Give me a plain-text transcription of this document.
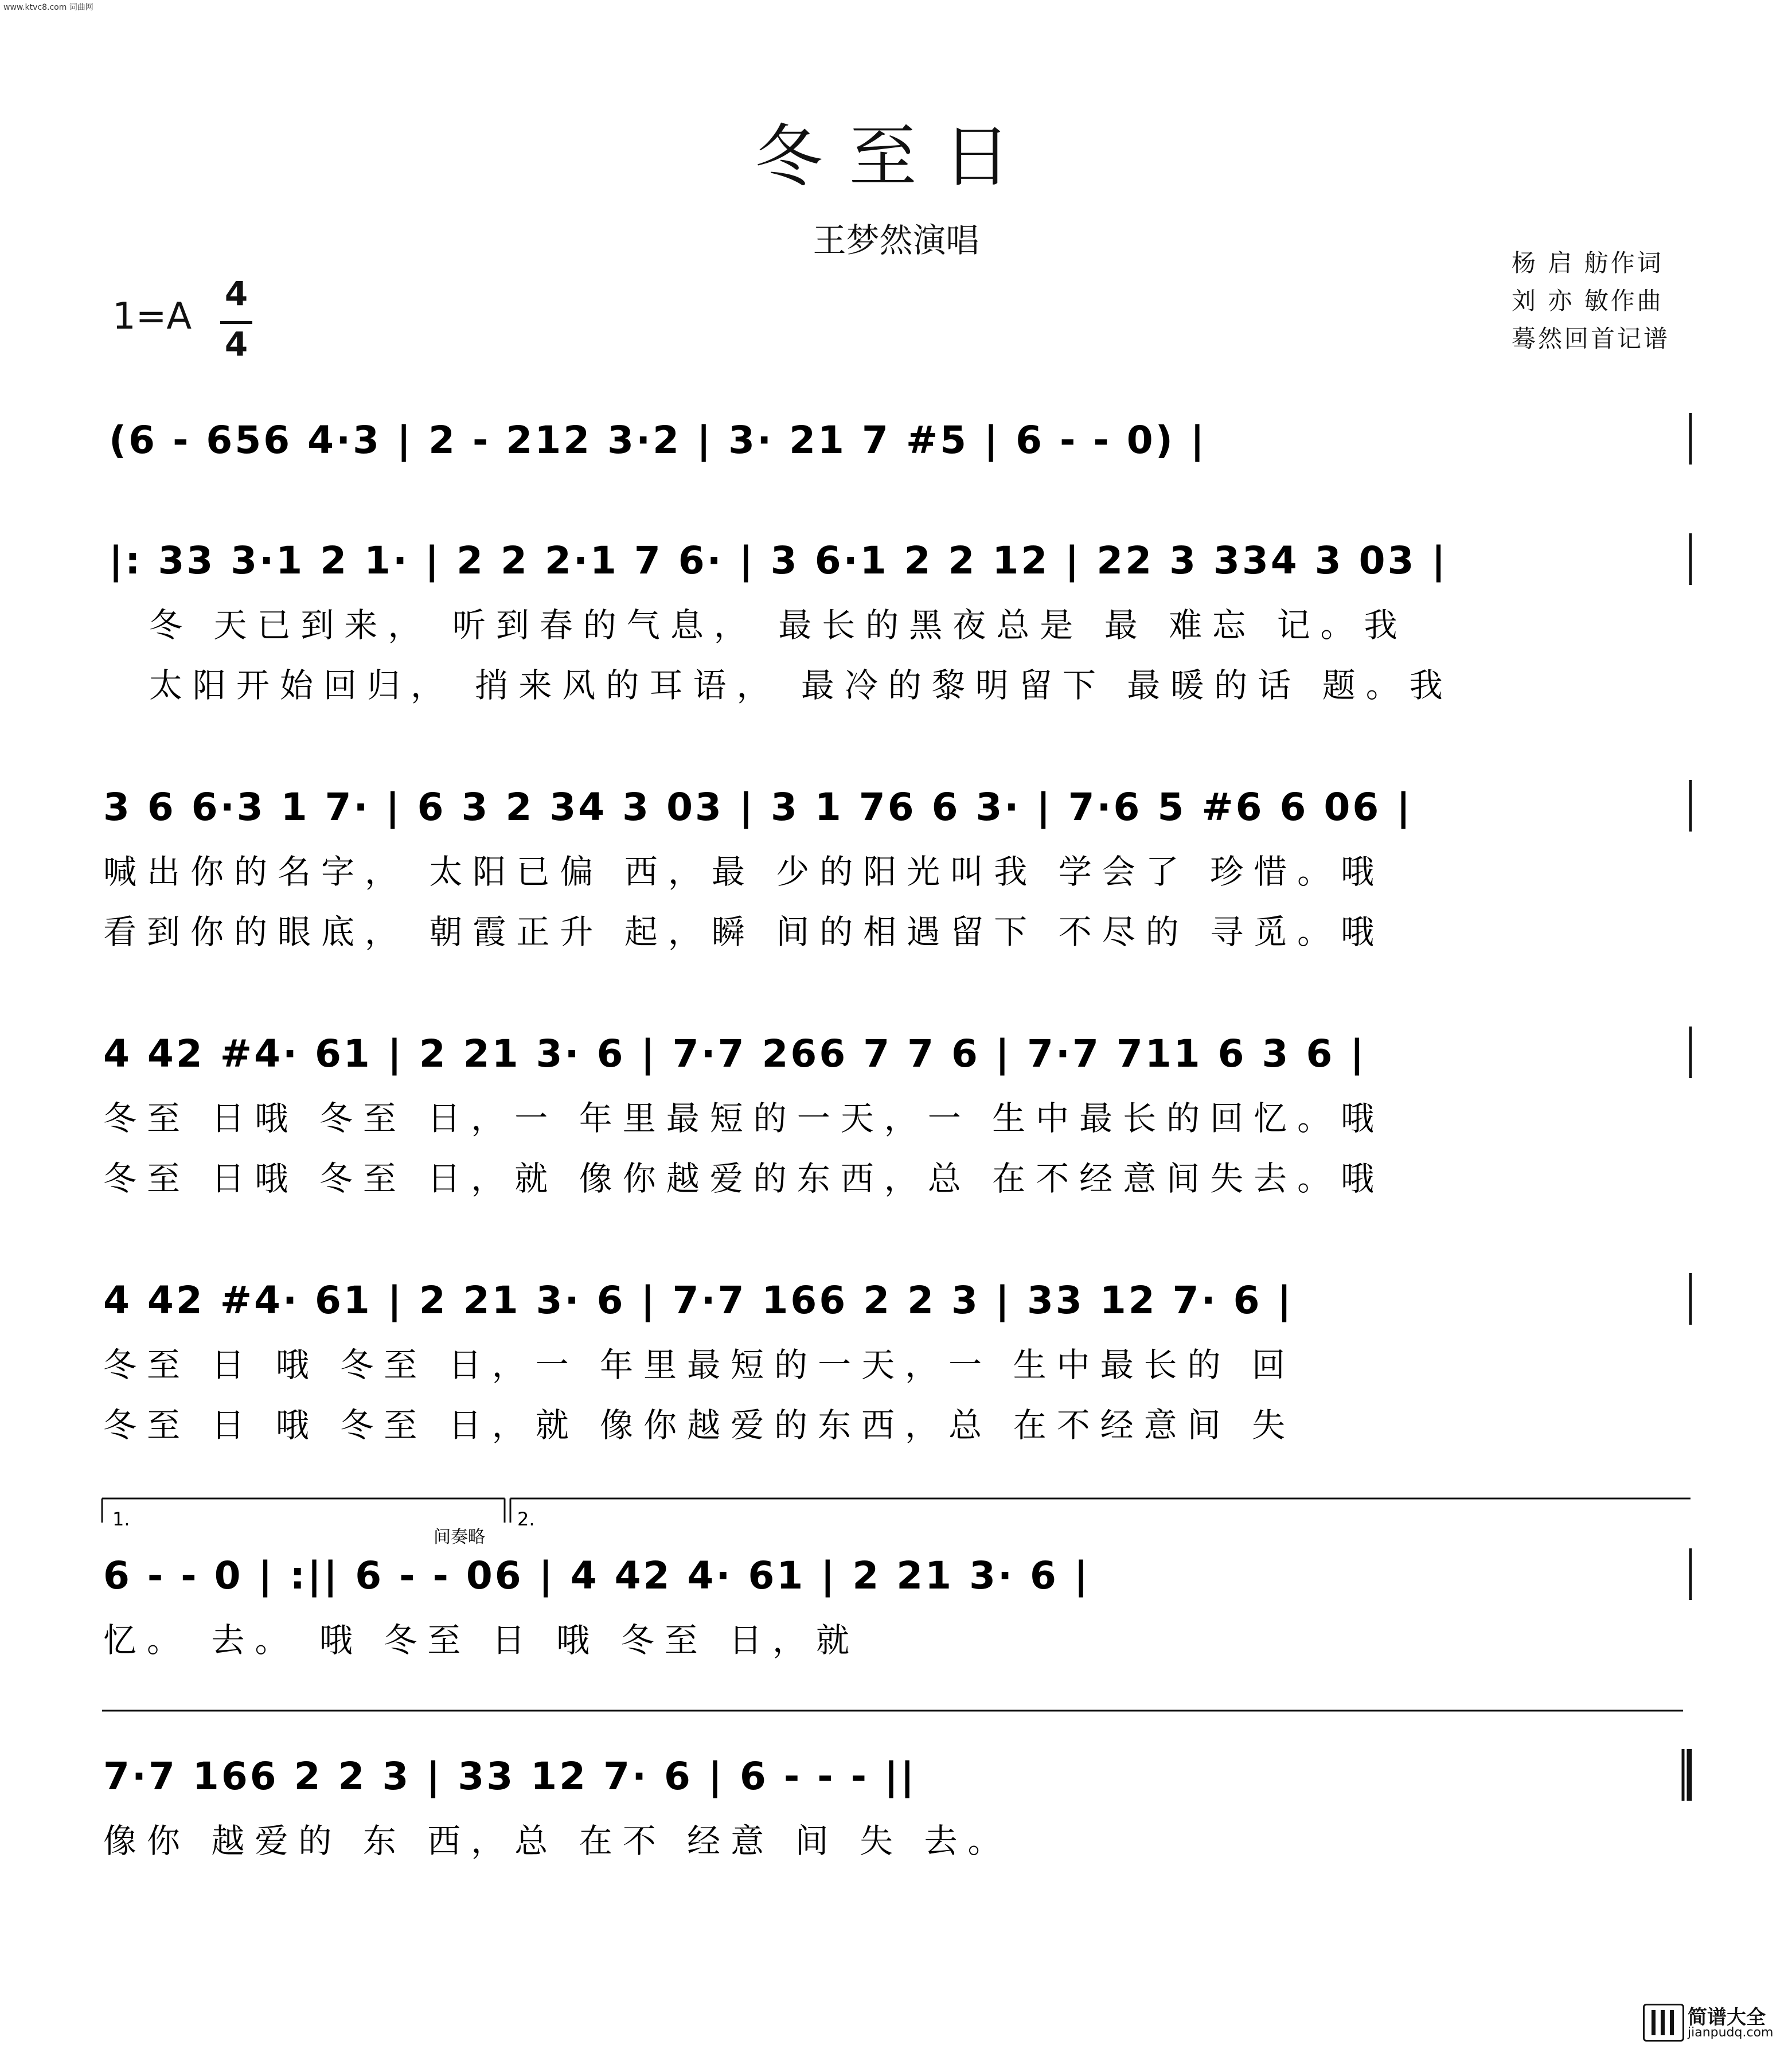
www.ktvc8.com 词曲网
冬至日
王梦然演唱
杨 启 舫作词
刘 亦 敏作曲
蓦然回首记谱
1=A
4
4
(6 - 656 4·3 | 2 - 212 3·2 | 3· 21 7 #5 | 6 - - 0) |
|: 33 3·1 2 1· | 2 2 2·1 7 6· | 3 6·1 2 2 12 | 22 3 334 3 03 |
冬 天已到来， 听到春的气息， 最长的黑夜总是 最 难忘 记。我
太阳开始回归， 捎来风的耳语， 最冷的黎明留下 最暖的话 题。我
3 6 6·3 1 7· | 6 3 2 34 3 03 | 3 1 76 6 3· | 7·6 5 #6 6 06 |
喊出你的名字， 太阳已偏 西，最 少的阳光叫我 学会了 珍惜。哦
看到你的眼底， 朝霞正升 起，瞬 间的相遇留下 不尽的 寻觅。哦
4 42 #4· 61 | 2 21 3· 6 | 7·7 266 7 7 6 | 7·7 711 6 3 6 |
冬至 日哦 冬至 日，一 年里最短的一天，一 生中最长的回忆。哦
冬至 日哦 冬至 日，就 像你越爱的东西，总 在不经意间失去。哦
4 42 #4· 61 | 2 21 3· 6 | 7·7 166 2 2 3 | 33 12 7· 6 |
冬至 日 哦 冬至 日，一 年里最短的一天，一 生中最长的 回
冬至 日 哦 冬至 日，就 像你越爱的东西，总 在不经意间 失
1.	2.
间奏略
6 - - 0 | :|| 6 - - 06 | 4 42 4· 61 | 2 21 3· 6 |
忆。 去。 哦 冬至 日 哦 冬至 日，就
7·7 166 2 2 3 | 33 12 7· 6 | 6 - - - ||
像你 越爱的 东 西，总 在不 经意 间 失 去。
简谱大全
jianpudq.com
